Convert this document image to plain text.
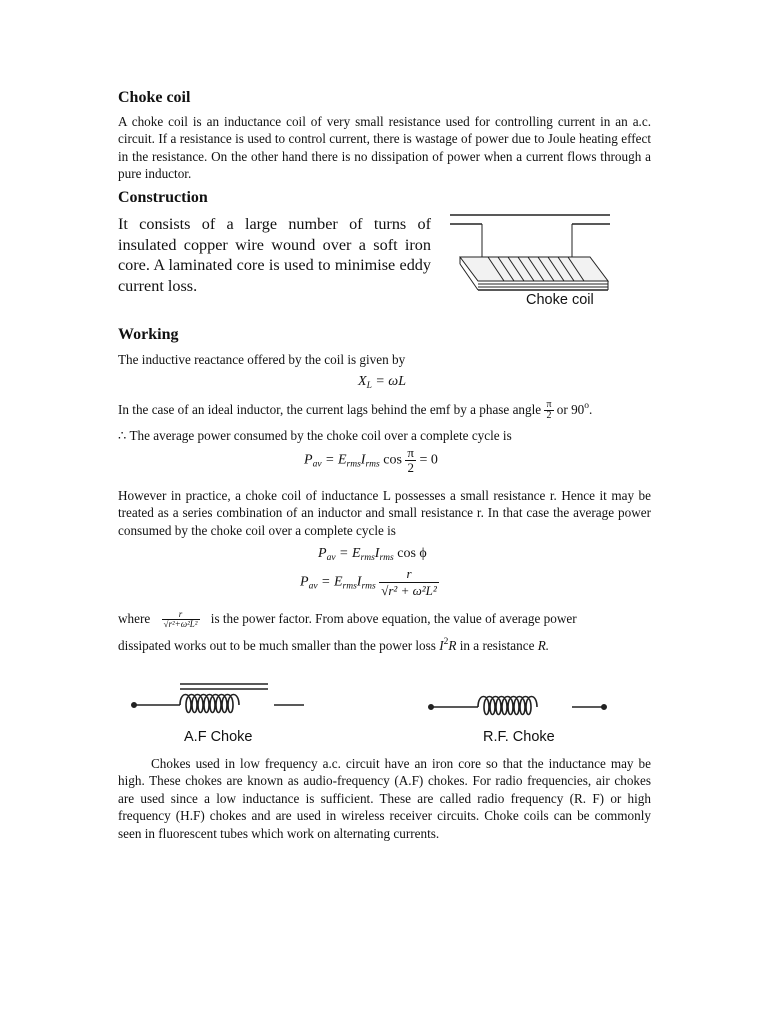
Choke coil
A choke coil is an inductance coil of very small resistance used for controlling current in an a.c. circuit. If a resistance is used to control current, there is wastage of power due to Joule heating effect in the resistance. On the other hand there is no dissipation of power when a current flows through a pure inductor.
Construction
It consists of a large number of turns of insulated copper wire wound over a soft iron core. A laminated core is used to minimise eddy current loss.
Choke coil
Working
The inductive reactance offered by the coil is given by
$X_L = \omega L$
In the case of an ideal inductor, the current lags behind the emf by a phase angle $\frac{\pi}{2}$ or 90$^o$.
∴ The average power consumed by the choke coil over a complete cycle is
$P_{av} = E_{rms}I_{rms}$ $\cos \frac{\pi}{2} = 0$
However in practice, a choke coil of inductance L possesses a small resistance r. Hence it may be treated as a series combination of an inductor and small resistance r. In that case the average power consumed by the choke coil over a complete cycle is
$P_{av} = E_{rms}I_{rms}$ cos ϕ
$P_{av} = E_{rms}I_{rms} \frac{r}{\text{√r² + ω²L²}}$
where $\frac{r}{\text{√r²+ω²L²}}$ is the power factor. From above equation, the value of average power
dissipated works out to be much smaller than the power loss $I^2R$ in a resistance R.
A.F Choke	R.F. Choke
Chokes used in low frequency a.c. circuit have an iron core so that the inductance may be high. These chokes are known as audio-frequency (A.F) chokes. For radio frequencies, air chokes are used since a low inductance is sufficient. These are called radio frequency (R. F) or high frequency (H.F) chokes and are used in wireless receiver circuits. Choke coils can be commonly seen in fluorescent tubes which work on alternating currents.
